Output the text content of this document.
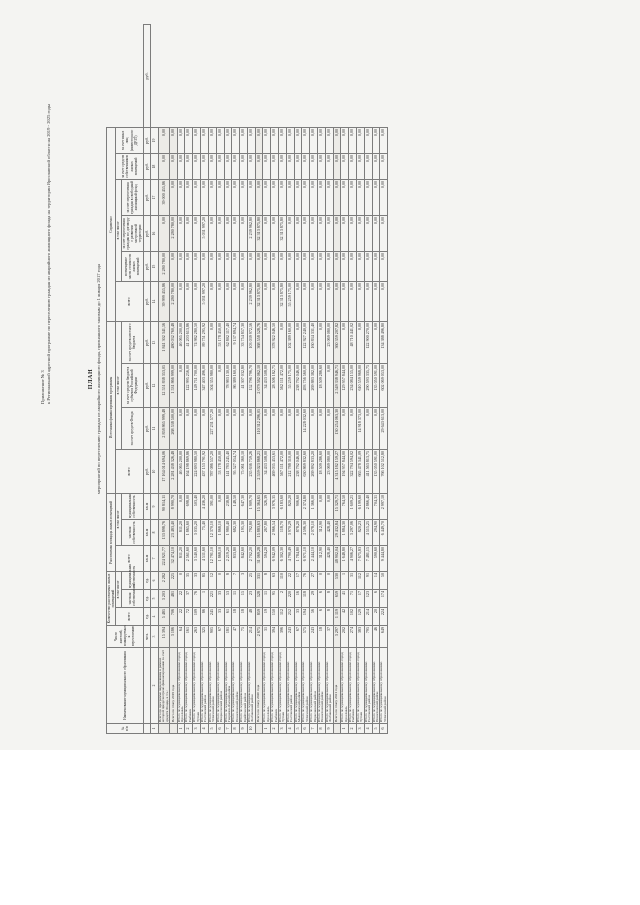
Приложение № 3 к Региональной адресной программе по переселению граждан из аварийного жилищного фонда на территории Ярославской области на 2019 - 2025 годы	ПЛАН мероприятий по переселению граждан из аварийного жилищного фонда, признанного таковым до 1 января 2017 года
№ п/п	Наименование муниципального образования	Число жителей, планируемых к переселению	Количество расселяемых жилых помещений			Расселяемая площадь жилых помещений			Источники финансирования программы				Справочно						
			всего	в том числе		всего	в том числе		всего	в том числе			всего	в том числе			за счет средств собственников жилых помещений	за счет иных лиц (инвестора по ДРЗТ)	
				частная собственность	муниципальная собственность		частная собственность	муниципальная собственность		за счет средств Фонда	за счет средств бюджета субъекта Российской Федерации	за счет средств местного бюджета		возмещение части стоимости жилых помещений	за счет переселения граждан по договору о развитии застроенной территории	за счет переселения граждан в свободный жилищный фонд			
		чел.	ед.	ед.	ед.	кв.м	кв.м	кв.м	руб.	руб.	руб.	руб.	руб.	руб.	руб.	руб.	руб.	руб.	руб.
1	2	3	4	5	6	7	8	9	10	11	12	13	14	15	16	17	18	19	
	Всего по программе переселения, в рамках которой предусмотрено финансирование за счет средств Фонда, в т.ч.:	15 394	5 485	3 203	2 282	224 921,77	133 898,76	90 814,11	17 164 014 694,06	2 858 865 999,48	12 551 838 353,05	1 841 302 341,56	39 999 455,86	2 280 780,00	0,00	39 000 455,86	0,00	0,00	
	Всего по этапу 2019 года	3 186	706	481	225	32 474,10	23 483,40	8 990,70	2 281 438 326,48	268 538 500,00	1 531 866 999,00	480 032 760,48	2 280 780,00	0,00	2 280 780,00	0,00	0,00	0,00	
1	Итого по муниципальному образованию город Ярославль	64	22	22	0	811,20	811,20	0,00	46 065 200,00	0,00	0,00	46 065 200,00	0,00	0,00	0,00	0,00	0,00	0,00	
2	Итого по муниципальному образованию город Рыбинск	161	72	37	35	2 561,60	1 865,60	698,00	164 198 869,86	0,00	122 995 256,00	41 203 613,86	0,00	0,00	0,00	0,00	0,00	0,00	
3	Итого по муниципальному образованию город Тутаев	263	109	76	33	3 540,60	3 035,20	503,40	224 693 980,50	0,00	149 711 700,00	74 982 280,50	0,00	0,00	0,00	0,00	0,00	0,00	
4	Итого по муниципальному образованию Ростовский район	325	86	1	85	4 511,60	75,40	4 436,20	437 153 791,92	0,00	347 403 496,00	89 751 295,92	5 031 997,20	0,00	5 031 997,20	0,00	0,00	0,00	
5	Итого по муниципальному образованию Угличский район	905	245	221	12	12 791,10	12 370,10	391,00	787 086 557,20	227 231 577,20	504 355 980,00	0,00	0,00	0,00	0,00	0,00	0,00	0,00	
6	Итого по муниципальному образованию Некрасовский район	67	33	33	0	1 868,10	1 868,10	0,00	53 178 450,00	0,00	0,00	53 178 450,00	0,00	0,00	0,00	0,00	0,00	0,00	
7	Итого по муниципальному образованию Гаврилов-Ямский район	181	61	53	8	2 219,20	1 980,40	238,80	141 783 245,40	0,00	78 983 130,00	62 802 117,40	0,00	0,00	0,00	0,00	0,00	0,00	
8	Итого по муниципальному образованию Пошехонский район	47	18	11	7	833,80	682,30	148,50	95 527 054,74	0,00	86 389 160,00	9 137 894,74	0,00	0,00	0,00	0,00	0,00	0,00	
9	Итого по муниципальному образованию Брейтовский район	75	18	15	3	842,60	195,30	647,30	75 061 360,10	0,00	41 307 032,80	33 754 857,30	0,00	0,00	0,00	0,00	0,00	0,00	
10	Итого по муниципальному образованию Любимский район	214	48	23	25	2 702,20	792,80	1 909,70	235 636 759,26	0,00	152 796 796,70	103 039 972,56	2 239 962,80	0,00	2 239 962,80	0,00	0,00	0,00	
	Всего по этапу 2020 года	2 675	859	528	331	31 069,28	15 883,63	15 364,65	2 559 023 868,21	110 312 296,05	2 079 582 062,10	368 558 528,76	32 313 875,80	0,00	32 313 875,80	0,00	0,00	0,00	
1	Итого по муниципальному образованию город Ярославль	31	19	11	8	594,20	267,80	326,39	34 433 508,00	0,00	34 433 508,00	0,00	0,00	0,00	0,00	0,00	0,00	0,00	
2	Итого по муниципальному образованию город Рыбинск	394	150	95	63	6 942,09	2 966,54	3 976,35	469 035 453,61	0,00	28 506 182,75	378 922 046,50	0,00	0,00	0,00	0,00	0,00	0,00	
3	Итого по муниципальному образованию город Тутаев	396	112	2	110	6 302,30	118,70	6 183,60	567 111 472,00	0,00	562 111 472,00	0,00	32 313 875,80	0,00	32 313 875,80	0,00	0,00	0,00	
4	Итого по муниципальному образованию Ростовский район	243	252	220	22	4 790,49	3 970,29	820,20	212 788 310,00	0,00	55 259 175,00	102 389 160,00	55 259 175,00	0,00	0,00	0,00	0,00	0,00	
5	Итого по муниципальному образованию Мышкинский район	67	33	16	17	1 784,80	878,20	906,60	238 792 046,00	0,00	238 792 046,00	0,00	0,00	0,00	0,00	0,00	0,00	0,00	
6	Итого по муниципальному образованию Угличский район	575	194	118	76	6 971,10	4 596,30	2 374,80	630 869 832,60	14 228 032,60	493 756 560,00	122 927 240,00	0,00	0,00	0,00	0,00	0,00	0,00	
7	Итого по муниципальному образованию Переславский район	243	56	29	27	2 444,10	2 078,10	1 366,00	269 892 833,20	0,00	269 883 382,00	160 834 331,40	0,00	0,00	0,00	0,00	0,00	0,00	
8	Итого по муниципальному образованию Пошехонский район	18	6	6	0	312,90	312,90	0,00	18 509 286,60	0,00	18 509 286,60	0,00	0,00	0,00	0,00	0,00	0,00	0,00	
9	Итого по муниципальному образованию Любимский район	37	8	8	0	428,40	428,40	0,00	23 069 080,00	0,00	0,00	23 069 080,00	0,00	0,00	0,00	0,00	0,00	0,00	
	Всего по этапу 2021 года	3 297	1 119	659	530	48 902,04	29 432,84	15 329,71	4 315 182 159,27	130 254 063,30	2 549 338 946,71	360 359 207,82	0,00	0,00	0,00	0,00	0,00	0,00	
1	Итого по муниципальному образованию город Ярославль	202	42	41	1	1 648,80	1 884,30	764,50	194 957 844,00	0,00	129 957 844,00	0,00	0,00	0,00	0,00	0,00	0,00	0,00	
2	Итого по муниципальному образованию город Рыбинск	274	102	71	31	4 906,27	3 297,06	1 609,21	322 794 594,02	0,00	234 084 155,00	48 710 441,02	0,00	0,00	0,00	0,00	0,00	0,00	
3	Итого по муниципальному образованию город Тутаев	383	129	17	112	7 675,83	820,23	6 199,60	665 478 341,09	14 918 373,00	610 559 968,00	0,00	0,00	0,00	0,00	0,00	0,00	0,00	
4	Итого по муниципальному образованию Ростовский район	795	214	123	91	7 481,15	4 515,25	2 866,40	411 563 813,75	0,00	290 593 335,75	122 900 270,00	0,00	0,00	0,00	0,00	0,00	0,00	
5	Итого по муниципальному образованию Пошехонский район	46	20	6	14	590,60	294,90	704,31	135 050 591,00	0,00	135 050 591,00	0,00	0,00	0,00	0,00	0,00	0,00	0,00	
6	Итого по муниципальному образованию Угличский район	649	224	174	50	9 444,80	6 449,70	2 997,10	766 102 512,80	29 643 613,00	602 069 053,00	134 388 496,80	0,00	0,00	0,00	0,00	0,00	0,00	
